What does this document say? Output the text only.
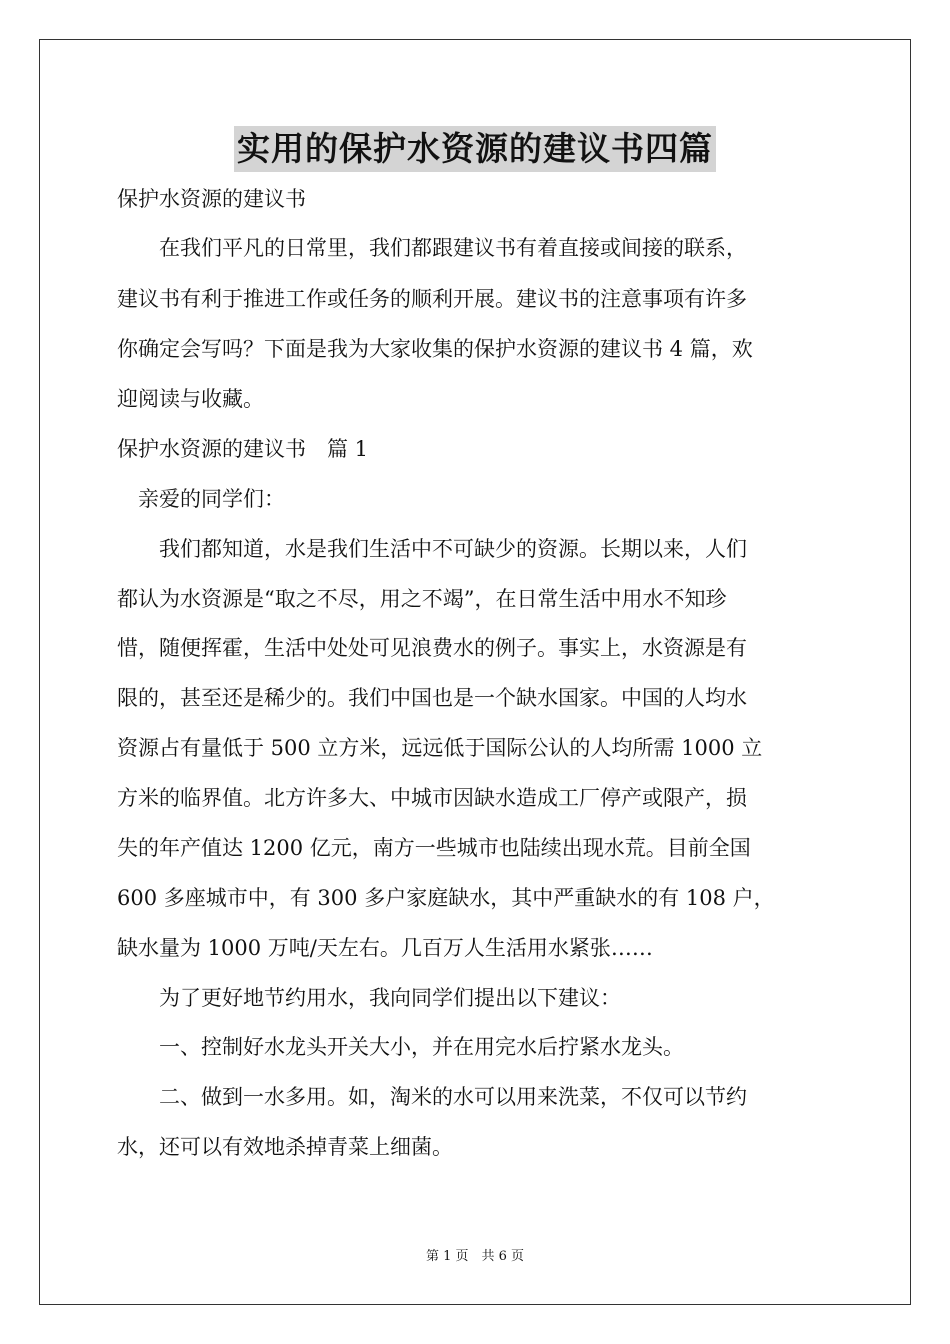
实用的保护水资源的建议书四篇
保护水资源的建议书
　　在我们平凡的日常里，我们都跟建议书有着直接或间接的联系，
建议书有利于推进工作或任务的顺利开展。建议书的注意事项有许多
你确定会写吗？下面是我为大家收集的保护水资源的建议书 4 篇，欢
迎阅读与收藏。
保护水资源的建议书　篇 1
　亲爱的同学们：
　　我们都知道，水是我们生活中不可缺少的资源。长期以来，人们
都认为水资源是“取之不尽，用之不竭”，在日常生活中用水不知珍
惜，随便挥霍，生活中处处可见浪费水的例子。事实上，水资源是有
限的，甚至还是稀少的。我们中国也是一个缺水国家。中国的人均水
资源占有量低于 500 立方米，远远低于国际公认的人均所需 1000 立
方米的临界值。北方许多大、中城市因缺水造成工厂停产或限产，损
失的年产值达 1200 亿元，南方一些城市也陆续出现水荒。目前全国
600 多座城市中，有 300 多户家庭缺水，其中严重缺水的有 108 户，
缺水量为 1000 万吨/天左右。几百万人生活用水紧张……
　　为了更好地节约用水，我向同学们提出以下建议：
　　一、控制好水龙头开关大小，并在用完水后拧紧水龙头。
　　二、做到一水多用。如，淘米的水可以用来洗菜，不仅可以节约
水，还可以有效地杀掉青菜上细菌。
第 1 页　共 6 页
